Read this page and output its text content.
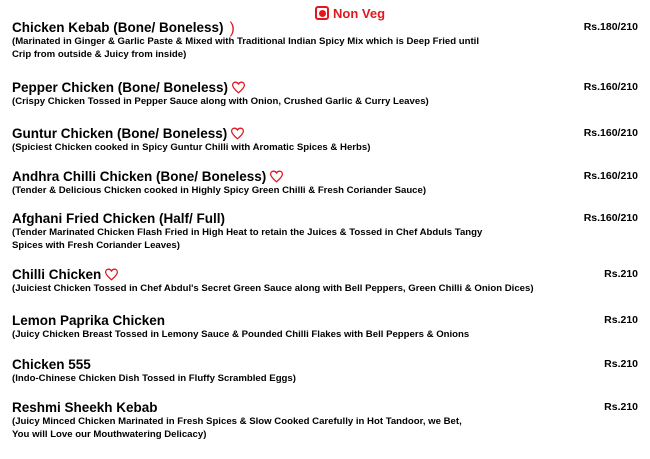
Non Veg
Chicken Kebab (Bone/ Boneless) )	Rs.180/210
(Marinated in Ginger & Garlic Paste & Mixed with Traditional Indian Spicy Mix which is Deep Fried until
Crip from outside & Juicy from inside)
Pepper Chicken (Bone/ Boneless)	Rs.160/210
(Crispy Chicken Tossed in Pepper Sauce along with Onion, Crushed Garlic & Curry Leaves)
Guntur Chicken (Bone/ Boneless)	Rs.160/210
(Spiciest Chicken cooked in Spicy Guntur Chilli with Aromatic Spices & Herbs)
Andhra Chilli Chicken (Bone/ Boneless)	Rs.160/210
(Tender & Delicious Chicken cooked in Highly Spicy Green Chilli & Fresh Coriander Sauce)
Afghani Fried Chicken (Half/ Full)	Rs.160/210
(Tender Marinated Chicken Flash Fried in High Heat to retain the Juices & Tossed in Chef Abduls Tangy
Spices with Fresh Coriander Leaves)
Chilli Chicken	Rs.210
(Juiciest Chicken Tossed in Chef Abdul's Secret Green Sauce along with Bell Peppers, Green Chilli & Onion Dices)
Lemon Paprika Chicken	Rs.210
(Juicy Chicken Breast Tossed in Lemony Sauce & Pounded Chilli Flakes with Bell Peppers & Onions
Chicken 555	Rs.210
(Indo-Chinese Chicken Dish Tossed in Fluffy Scrambled Eggs)
Reshmi Sheekh Kebab	Rs.210
(Juicy Minced Chicken Marinated in Fresh Spices & Slow Cooked Carefully in Hot Tandoor, we Bet,
You will Love our Mouthwatering Delicacy)
